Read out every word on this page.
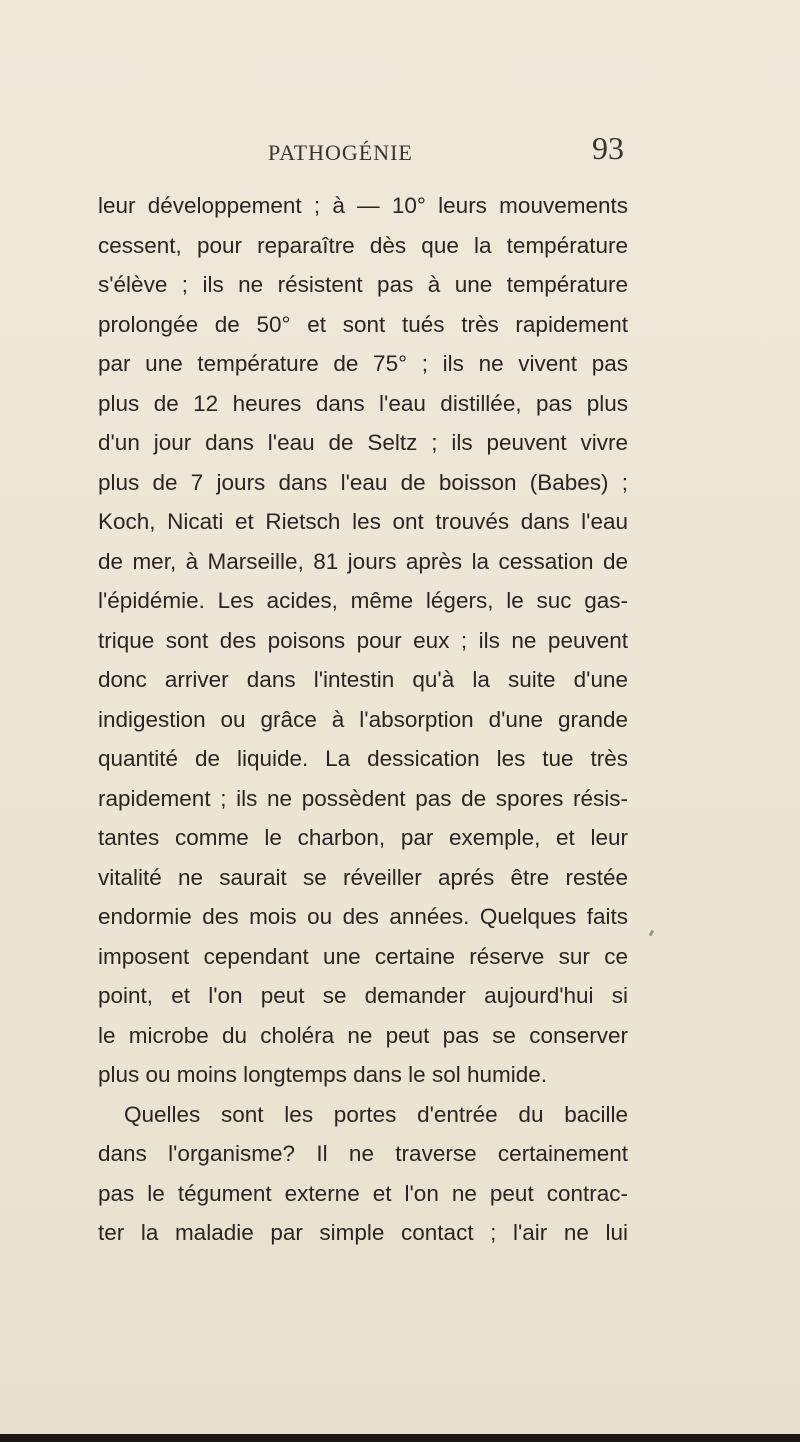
PATHOGÉNIE	93
leur développement ; à — 10° leurs mouvements
cessent, pour reparaître dès que la température
s'élève ; ils ne résistent pas à une température
prolongée de 50° et sont tués très rapidement
par une température de 75° ; ils ne vivent pas
plus de 12 heures dans l'eau distillée, pas plus
d'un jour dans l'eau de Seltz ; ils peuvent vivre
plus de 7 jours dans l'eau de boisson (Babes) ;
Koch, Nicati et Rietsch les ont trouvés dans l'eau
de mer, à Marseille, 81 jours après la cessation de
l'épidémie. Les acides, même légers, le suc gas-
trique sont des poisons pour eux ; ils ne peuvent
donc arriver dans l'intestin qu'à la suite d'une
indigestion ou grâce à l'absorption d'une grande
quantité de liquide. La dessication les tue très
rapidement ; ils ne possèdent pas de spores résis-
tantes comme le charbon, par exemple, et leur
vitalité ne saurait se réveiller aprés être restée
endormie des mois ou des années. Quelques faits
imposent cependant une certaine réserve sur ce
point, et l'on peut se demander aujourd'hui si
le microbe du choléra ne peut pas se conserver
plus ou moins longtemps dans le sol humide.
Quelles sont les portes d'entrée du bacille
dans l'organisme? Il ne traverse certainement
pas le tégument externe et l'on ne peut contrac-
ter la maladie par simple contact ; l'air ne lui
